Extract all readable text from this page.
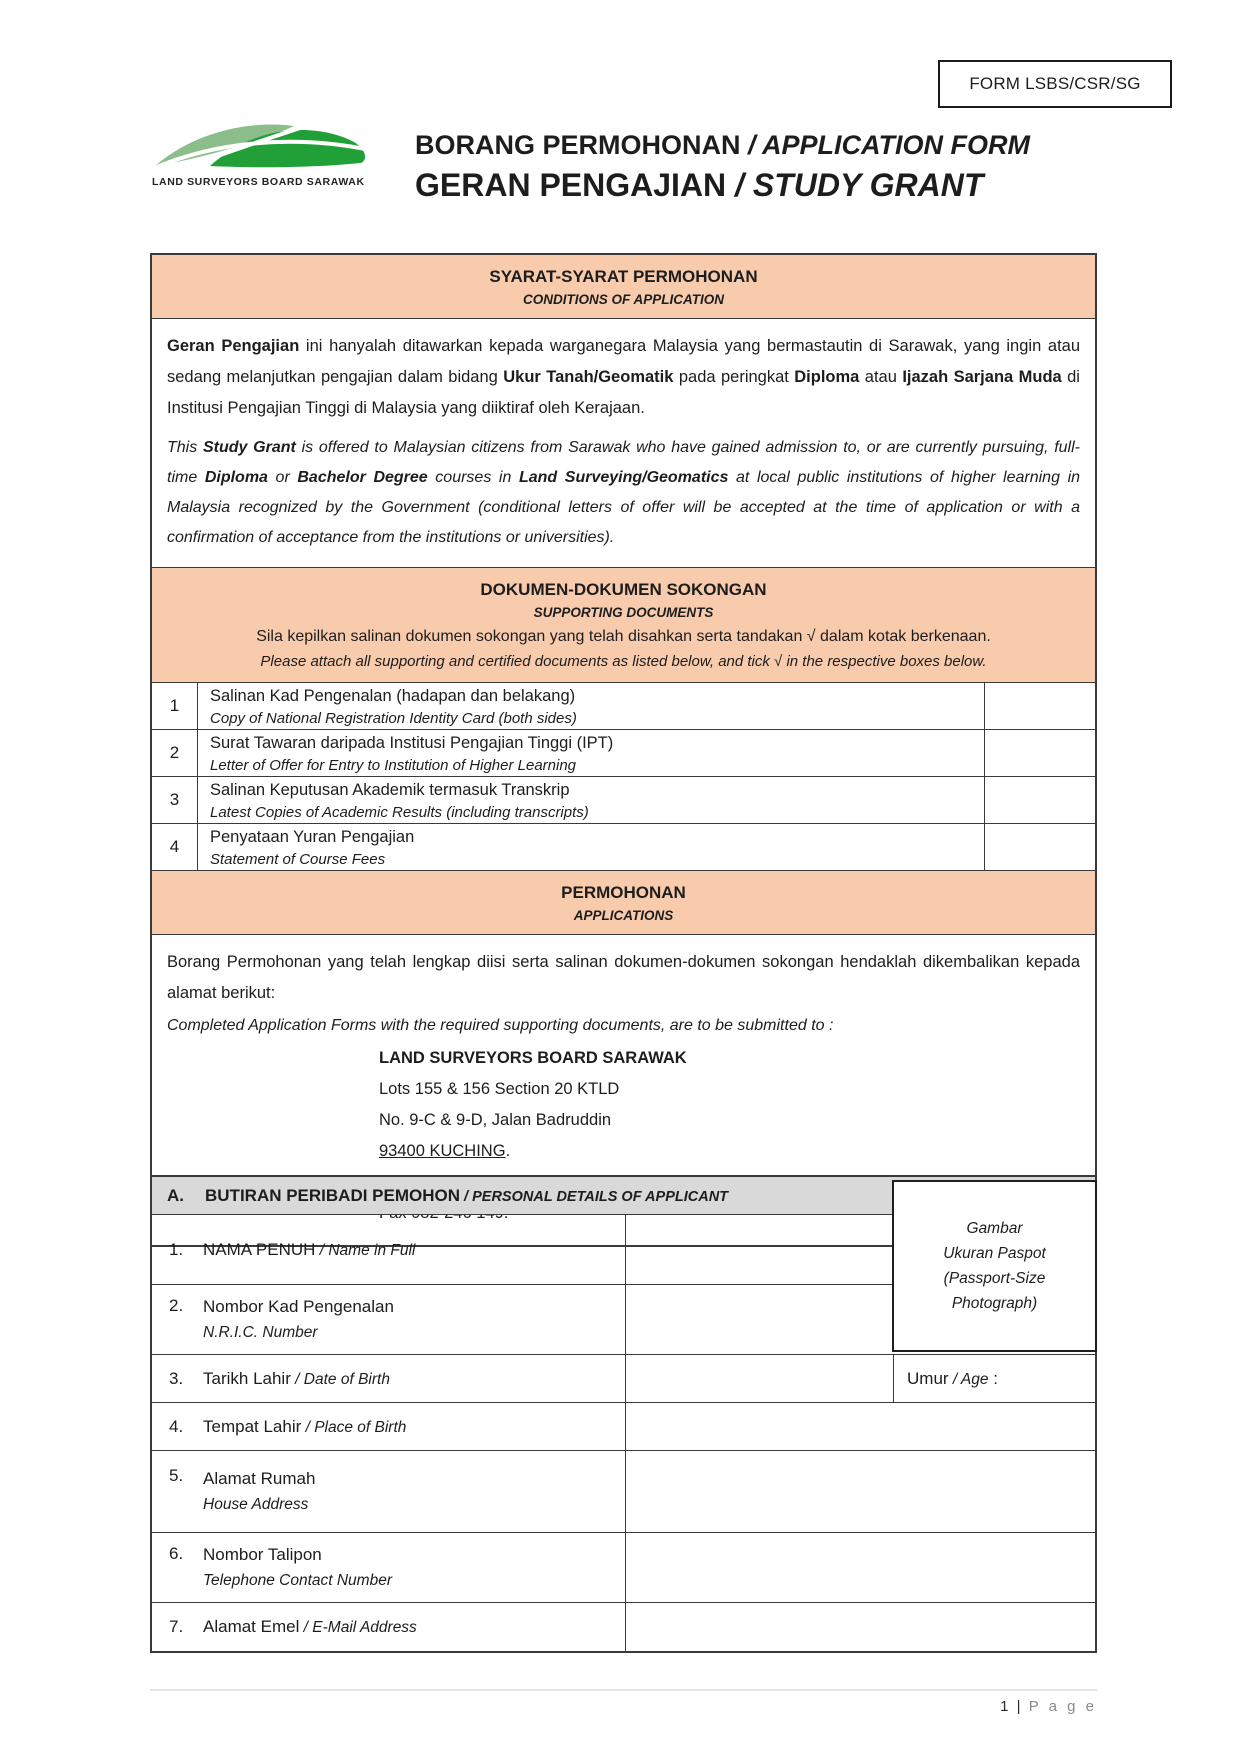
FORM LSBS/CSR/SG
LAND SURVEYORS BOARD SARAWAK
BORANG PERMOHONAN / APPLICATION FORM
GERAN PENGAJIAN / STUDY GRANT
SYARAT-SYARAT PERMOHONAN
CONDITIONS OF APPLICATION

Geran Pengajian ini hanyalah ditawarkan kepada warganegara Malaysia yang bermastautin di Sarawak, yang ingin atau sedang melanjutkan pengajian dalam bidang Ukur Tanah/Geomatik pada peringkat Diploma atau Ijazah Sarjana Muda di Institusi Pengajian Tinggi di Malaysia yang diiktiraf oleh Kerajaan.

This Study Grant is offered to Malaysian citizens from Sarawak who have gained admission to, or are currently pursuing, full-time Diploma or Bachelor Degree courses in Land Surveying/Geomatics at local public institutions of higher learning in Malaysia recognized by the Government (conditional letters of offer will be accepted at the time of application or with a confirmation of acceptance from the institutions or universities).

DOKUMEN-DOKUMEN SOKONGAN
SUPPORTING DOCUMENTS
Sila kepilkan salinan dokumen sokongan yang telah disahkan serta tandakan √ dalam kotak berkenaan.
Please attach all supporting and certified documents as listed below, and tick √ in the respective boxes below.
1	Salinan Kad Pengenalan (hadapan dan belakang)
Copy of National Registration Identity Card (both sides)
2	Surat Tawaran daripada Institusi Pengajian Tinggi (IPT)
Letter of Offer for Entry to Institution of Higher Learning
3	Salinan Keputusan Akademik termasuk Transkrip
Latest Copies of Academic Results (including transcripts)
4	Penyataan Yuran Pengajian
Statement of Course Fees
PERMOHONAN
APPLICATIONS

Borang Permohonan yang telah lengkap diisi serta salinan dokumen-dokumen sokongan hendaklah dikembalikan kepada alamat berikut:

Completed Application Forms with the required supporting documents, are to be submitted to :

LAND SURVEYORS BOARD SARAWAK
Lots 155 & 156 Section 20 KTLD
No. 9-C & 9-D, Jalan Badruddin
93400 KUCHING.
A.	BUTIRAN PERIBADI PEMOHON / PERSONAL DETAILS OF APPLICANT
1.	NAMA PENUH / Name in Full
2.	Nombor Kad Pengenalan
N.R.I.C. Number
3.	Tarikh Lahir / Date of Birth	Umur / Age :
4.	Tempat Lahir / Place of Birth
5.	Alamat Rumah
House Address
6.	Nombor Talipon
Telephone Contact Number
7.	Alamat Emel / E-Mail Address
Gambar
Ukuran Paspot
(Passport-Size
Photograph)
1 | P a g e
